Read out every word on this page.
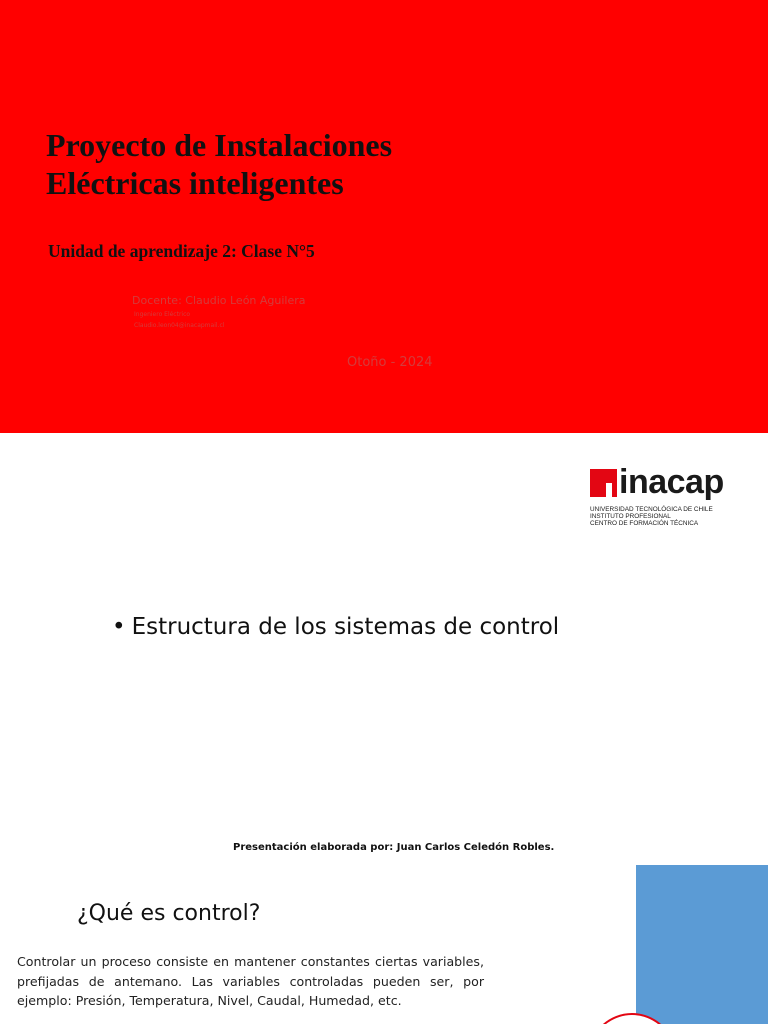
Proyecto de Instalaciones
Eléctricas inteligentes
Unidad de aprendizaje 2: Clase N°5
Docente: Claudio León Aguilera
Ingeniero Eléctrico
Claudio.leon04@inacapmail.cl
Otoño - 2024
inacap
UNIVERSIDAD TECNOLÓGICA DE CHILE
INSTITUTO PROFESIONAL
CENTRO DE FORMACIÓN TÉCNICA
• Estructura de los sistemas de control
Presentación elaborada por: Juan Carlos Celedón Robles.
¿Qué es control?

Controlar un proceso consiste en mantener constantes ciertas variables, prefijadas de antemano. Las variables controladas pueden ser, por ejemplo: Presión, Temperatura, Nivel, Caudal, Humedad, etc.
